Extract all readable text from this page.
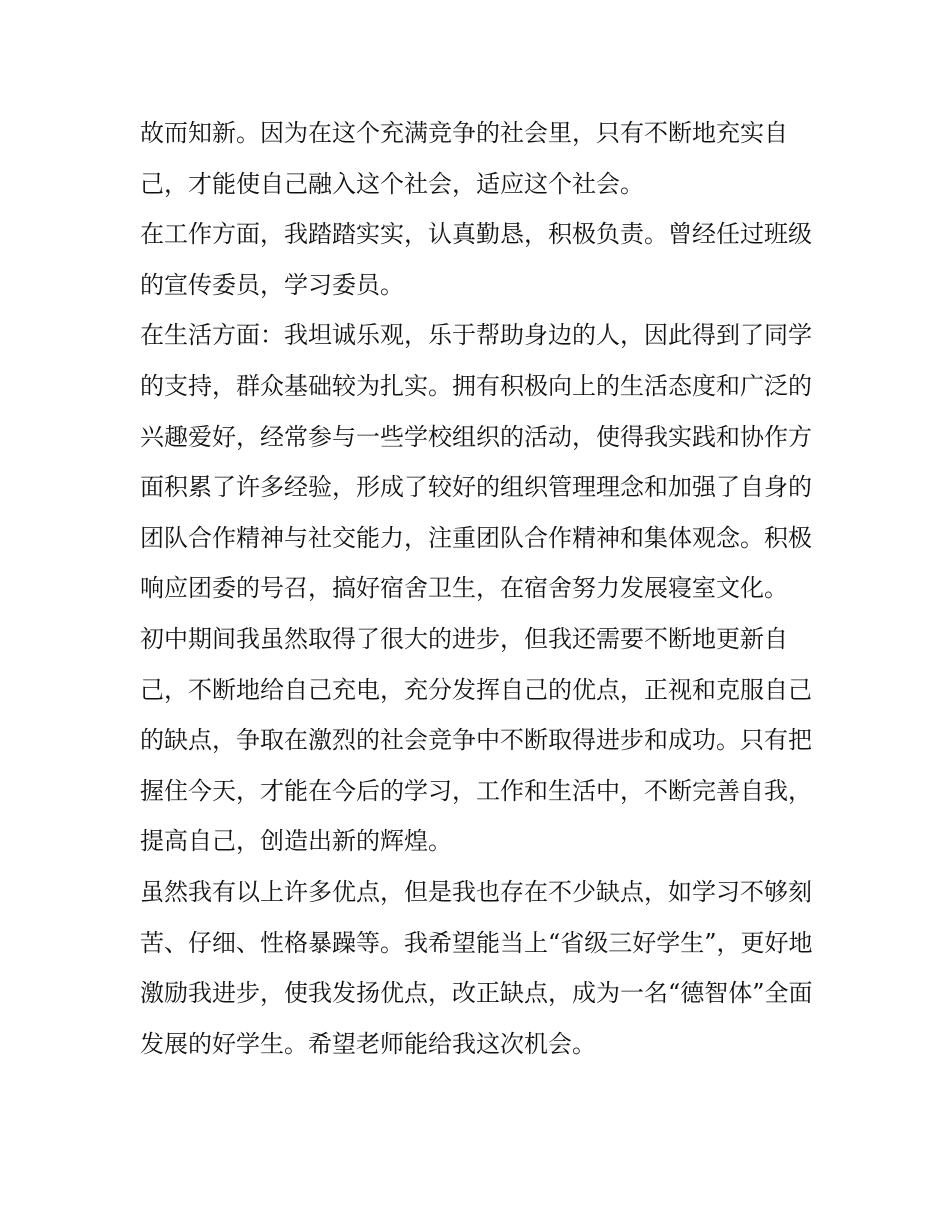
故而知新。因为在这个充满竞争的社会里，只有不断地充实自己，才能使自己融入这个社会，适应这个社会。

在工作方面，我踏踏实实，认真勤恳，积极负责。曾经任过班级的宣传委员，学习委员。

在生活方面：我坦诚乐观，乐于帮助身边的人，因此得到了同学的支持，群众基础较为扎实。拥有积极向上的生活态度和广泛的兴趣爱好，经常参与一些学校组织的活动，使得我实践和协作方面积累了许多经验，形成了较好的组织管理理念和加强了自身的团队合作精神与社交能力，注重团队合作精神和集体观念。积极响应团委的号召，搞好宿舍卫生，在宿舍努力发展寝室文化。

初中期间我虽然取得了很大的进步，但我还需要不断地更新自己，不断地给自己充电，充分发挥自己的优点，正视和克服自己的缺点，争取在激烈的社会竞争中不断取得进步和成功。只有把握住今天，才能在今后的学习，工作和生活中，不断完善自我，提高自己，创造出新的辉煌。

虽然我有以上许多优点，但是我也存在不少缺点，如学习不够刻苦、仔细、性格暴躁等。我希望能当上“省级三好学生”，更好地激励我进步，使我发扬优点，改正缺点，成为一名“德智体”全面发展的好学生。希望老师能给我这次机会。
